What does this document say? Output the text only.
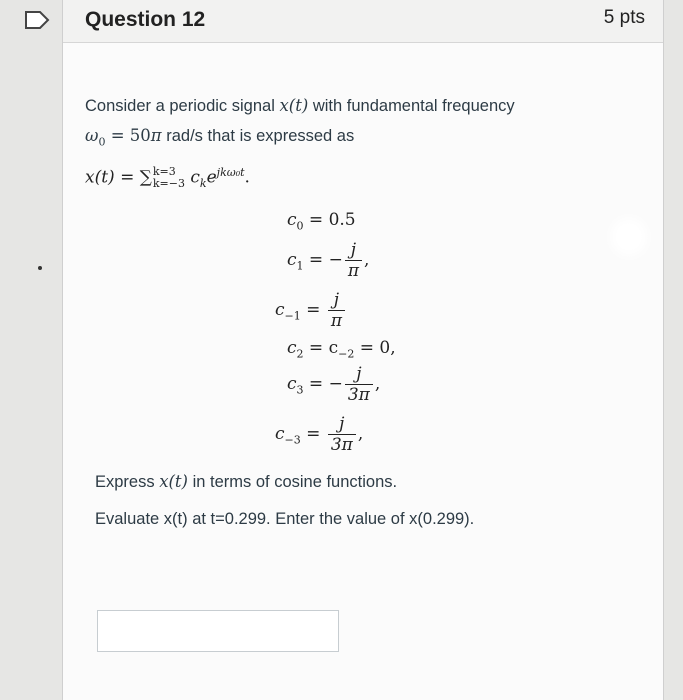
Question 12	5 pts
Consider a periodic signal x(t) with fundamental frequency
$\omega_0 = 50\pi$ rad/s that is expressed as
x(t) = ∑ k=3
k=−3 $c_ke^{jk\omega_0t}$.
$c_0 = 0.5$
$c_1$ = − $\frac{j}{\pi}$ ,
$c_{-1} = \frac{j}{\pi}$
$c_2 = c_{-2} = 0$,
$c_3$ = − $\frac{j}{3\pi}$ ,
$c_{-3} = \frac{j}{3\pi}$ ,
Express x(t) in terms of cosine functions.
Evaluate x(t) at t=0.299. Enter the value of x(0.299).
